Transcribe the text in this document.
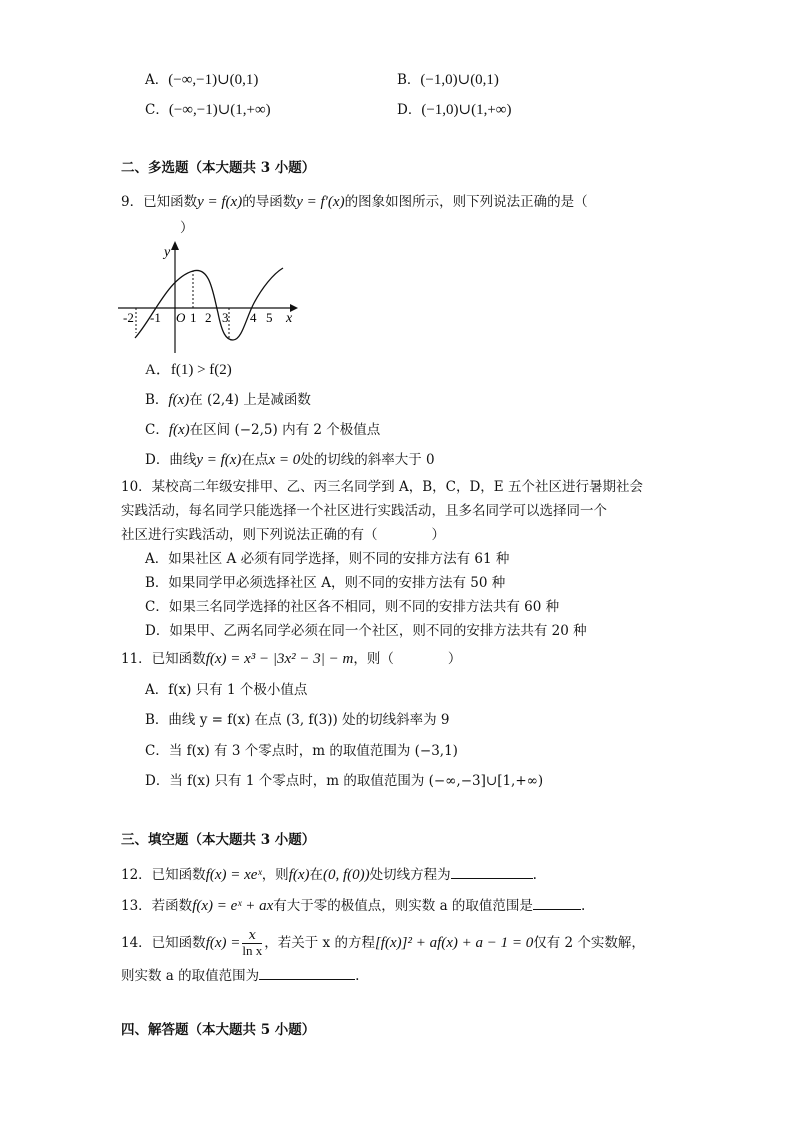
A．(−∞,−1)∪(0,1)	B．(−1,0)∪(0,1)
C．(−∞,−1)∪(1,+∞)	D．(−1,0)∪(1,+∞)
二、多选题（本大题共 3 小题）
9．已知函数y = f(x)的导函数y = f′(x)的图象如图所示，则下列说法正确的是（
）
y
x
O
-2 -1 1 2 3 4 5
A．f(1) > f(2)
B．f(x)在 (2,4) 上是减函数
C．f(x)在区间 (−2,5) 内有 2 个极值点
D．曲线y = f(x)在点x = 0处的切线的斜率大于 0
10．某校高二年级安排甲、乙、丙三名同学到 A，B，C，D，E 五个社区进行暑期社会
实践活动，每名同学只能选择一个社区进行实践活动，且多名同学可以选择同一个
社区进行实践活动，则下列说法正确的有（　　　　）
A．如果社区 A 必须有同学选择，则不同的安排方法有 61 种
B．如果同学甲必须选择社区 A，则不同的安排方法有 50 种
C．如果三名同学选择的社区各不相同，则不同的安排方法共有 60 种
D．如果甲、乙两名同学必须在同一个社区，则不同的安排方法共有 20 种
11．已知函数f(x) = x³ − |3x² − 3| − m，则（　　　　）
A．f(x) 只有 1 个极小值点
B．曲线 y = f(x) 在点 (3, f(3)) 处的切线斜率为 9
C．当 f(x) 有 3 个零点时，m 的取值范围为 (−3,1)
D．当 f(x) 只有 1 个零点时，m 的取值范围为 (−∞,−3]∪[1,+∞)
三、填空题（本大题共 3 小题）
12．已知函数f(x) = xeˣ，则f(x)在(0, f(0))处切线方程为	.
13．若函数f(x) = eˣ + ax有大于零的极值点，则实数 a 的取值范围是	.
14．已知函数$f(x) = \frac{x}{\text{ln x}}$ ，若关于 x 的方程[f(x)]² + af(x) + a − 1 = 0仅有 2 个实数解，
则实数 a 的取值范围为	.
四、解答题（本大题共 5 小题）
